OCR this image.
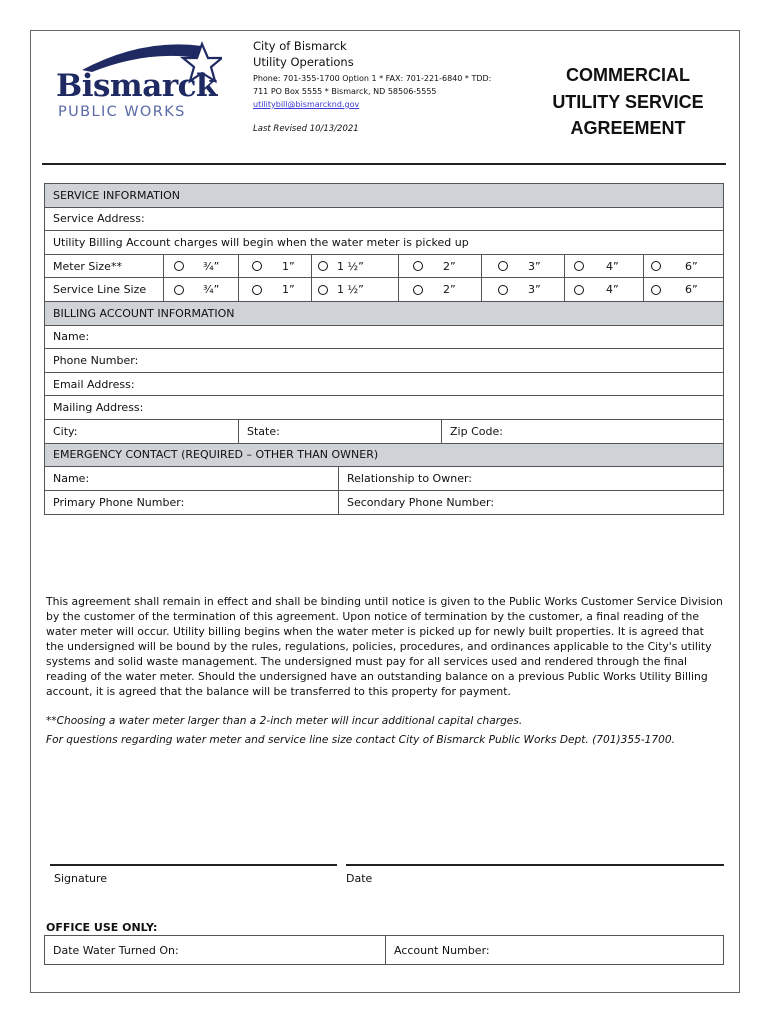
Bismarck
PUBLIC WORKS
City of Bismarck
Utility Operations
Phone: 701-355-1700 Option 1 * FAX: 701-221-6840 * TDD:
711 PO Box 5555 * Bismarck, ND 58506-5555
utilitybill@bismarcknd.gov
Last Revised 10/13/2021
COMMERCIAL
UTILITY SERVICE
AGREEMENT
SERVICE INFORMATION
Service Address:
Utility Billing Account charges will begin when the water meter is picked up
Meter Size**	¾”	1”	1 ½”	2”	3”	4”	6”
Service Line Size	¾”	1”	1 ½”	2”	3”	4”	6”
BILLING ACCOUNT INFORMATION
Name:
Phone Number:
Email Address:
Mailing Address:
City:	State:	Zip Code:
EMERGENCY CONTACT (REQUIRED – OTHER THAN OWNER)
Name:	Relationship to Owner:
Primary Phone Number:	Secondary Phone Number:
This agreement shall remain in effect and shall be binding until notice is given to the Public Works Customer Service Division by the customer of the termination of this agreement. Upon notice of termination by the customer, a final reading of the water meter will occur. Utility billing begins when the water meter is picked up for newly built properties. It is agreed that the undersigned will be bound by the rules, regulations, policies, procedures, and ordinances applicable to the City's utility systems and solid waste management. The undersigned must pay for all services used and rendered through the final reading of the water meter. Should the undersigned have an outstanding balance on a previous Public Works Utility Billing account, it is agreed that the balance will be transferred to this property for payment.
**Choosing a water meter larger than a 2-inch meter will incur additional capital charges.
For questions regarding water meter and service line size contact City of Bismarck Public Works Dept. (701)355-1700.
Signature	Date
OFFICE USE ONLY:
Date Water Turned On:	Account Number:
